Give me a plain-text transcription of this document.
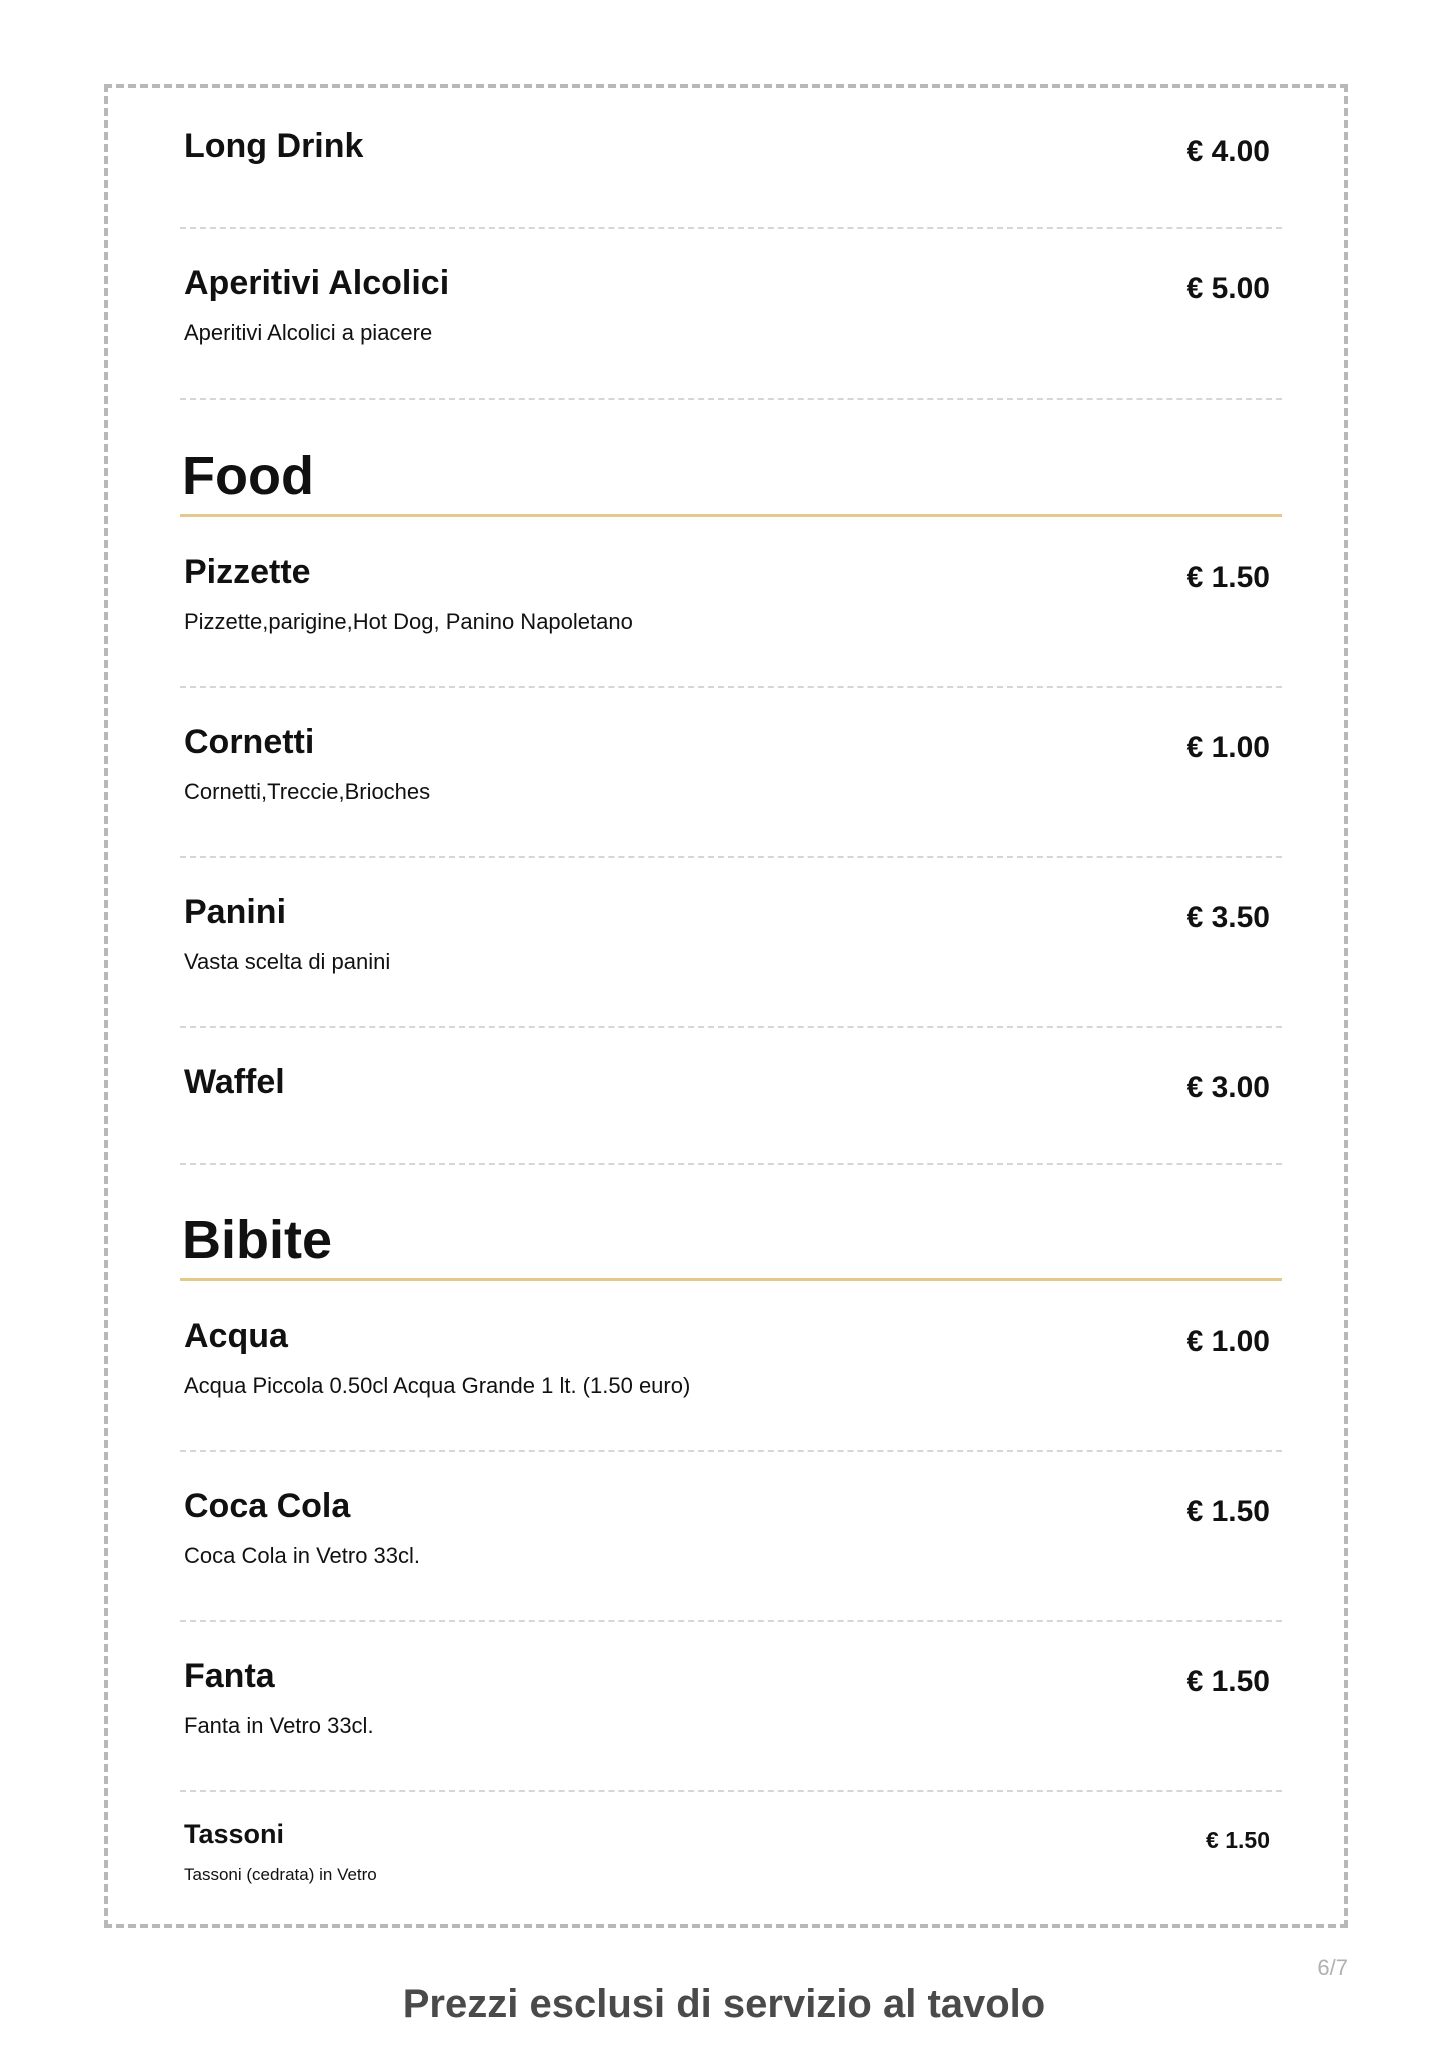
Long Drink	€ 4.00
Aperitivi Alcolici
Aperitivi Alcolici a piacere
€ 5.00
Food
Pizzette
Pizzette,parigine,Hot Dog, Panino Napoletano
€ 1.50
Cornetti
Cornetti,Treccie,Brioches
€ 1.00
Panini
Vasta scelta di panini
€ 3.50
Waffel	€ 3.00
Bibite
Acqua
Acqua Piccola 0.50cl Acqua Grande 1 lt. (1.50 euro)
€ 1.00
Coca Cola
Coca Cola in Vetro 33cl.
€ 1.50
Fanta
Fanta in Vetro 33cl.
€ 1.50
Tassoni
Tassoni (cedrata) in Vetro
€ 1.50
6/7
Prezzi esclusi di servizio al tavolo
